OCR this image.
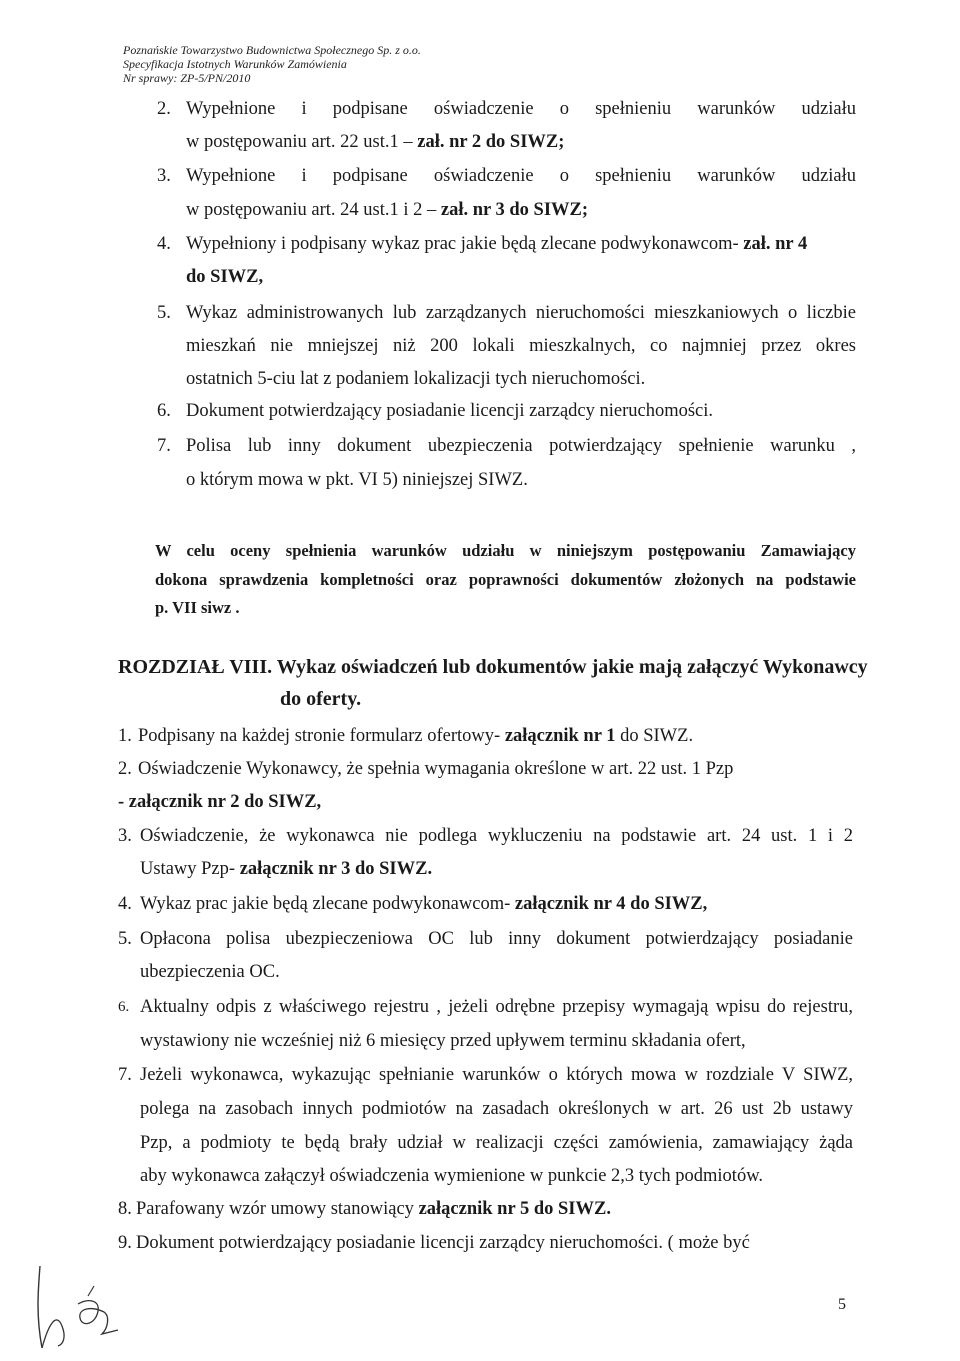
Poznańskie Towarzystwo Budownictwa Społecznego Sp. z o.o.
Specyfikacja Istotnych Warunków Zamówienia
Nr sprawy: ZP-5/PN/2010
2. Wypełnione i podpisane oświadczenie o spełnieniu warunków udziału
w postępowaniu art. 22 ust.1 – zał. nr 2 do SIWZ;
3. Wypełnione i podpisane oświadczenie o spełnieniu warunków udziału
w postępowaniu art. 24 ust.1 i 2 – zał. nr 3 do SIWZ;
4. Wypełniony i podpisany wykaz prac jakie będą zlecane podwykonawcom- zał. nr 4
do SIWZ,
5. Wykaz administrowanych lub zarządzanych nieruchomości mieszkaniowych o liczbie
mieszkań nie mniejszej niż 200 lokali mieszkalnych, co najmniej przez okres
ostatnich 5-ciu lat z podaniem lokalizacji tych nieruchomości.
6. Dokument potwierdzający posiadanie licencji zarządcy nieruchomości.
7. Polisa lub inny dokument ubezpieczenia potwierdzający spełnienie warunku ,
o którym mowa w pkt. VI 5) niniejszej SIWZ.
W celu oceny spełnienia warunków udziału w niniejszym postępowaniu Zamawiający
dokona sprawdzenia kompletności oraz poprawności dokumentów złożonych na podstawie
p. VII siwz .
ROZDZIAŁ VIII. Wykaz oświadczeń lub dokumentów jakie mają załączyć Wykonawcy
do oferty.
1. Podpisany na każdej stronie formularz ofertowy- załącznik nr 1 do SIWZ.
2. Oświadczenie Wykonawcy, że spełnia wymagania określone w art. 22 ust. 1 Pzp
- załącznik nr 2 do SIWZ,
3. Oświadczenie, że wykonawca nie podlega wykluczeniu na podstawie art. 24 ust. 1 i 2
Ustawy Pzp- załącznik nr 3 do SIWZ.
4. Wykaz prac jakie będą zlecane podwykonawcom- załącznik nr 4 do SIWZ,
5. Opłacona polisa ubezpieczeniowa OC lub inny dokument potwierdzający posiadanie
ubezpieczenia OC.
6. Aktualny odpis z właściwego rejestru , jeżeli odrębne przepisy wymagają wpisu do rejestru,
wystawiony nie wcześniej niż 6 miesięcy przed upływem terminu składania ofert,
7. Jeżeli wykonawca, wykazując spełnianie warunków o których mowa w rozdziale V SIWZ,
polega na zasobach innych podmiotów na zasadach określonych w art. 26 ust 2b ustawy
Pzp, a podmioty te będą brały udział w realizacji części zamówienia, zamawiający żąda
aby wykonawca załączył oświadczenia wymienione w punkcie 2,3 tych podmiotów.
8. Parafowany wzór umowy stanowiący załącznik nr 5 do SIWZ.
9. Dokument potwierdzający posiadanie licencji zarządcy nieruchomości. ( może być
5
